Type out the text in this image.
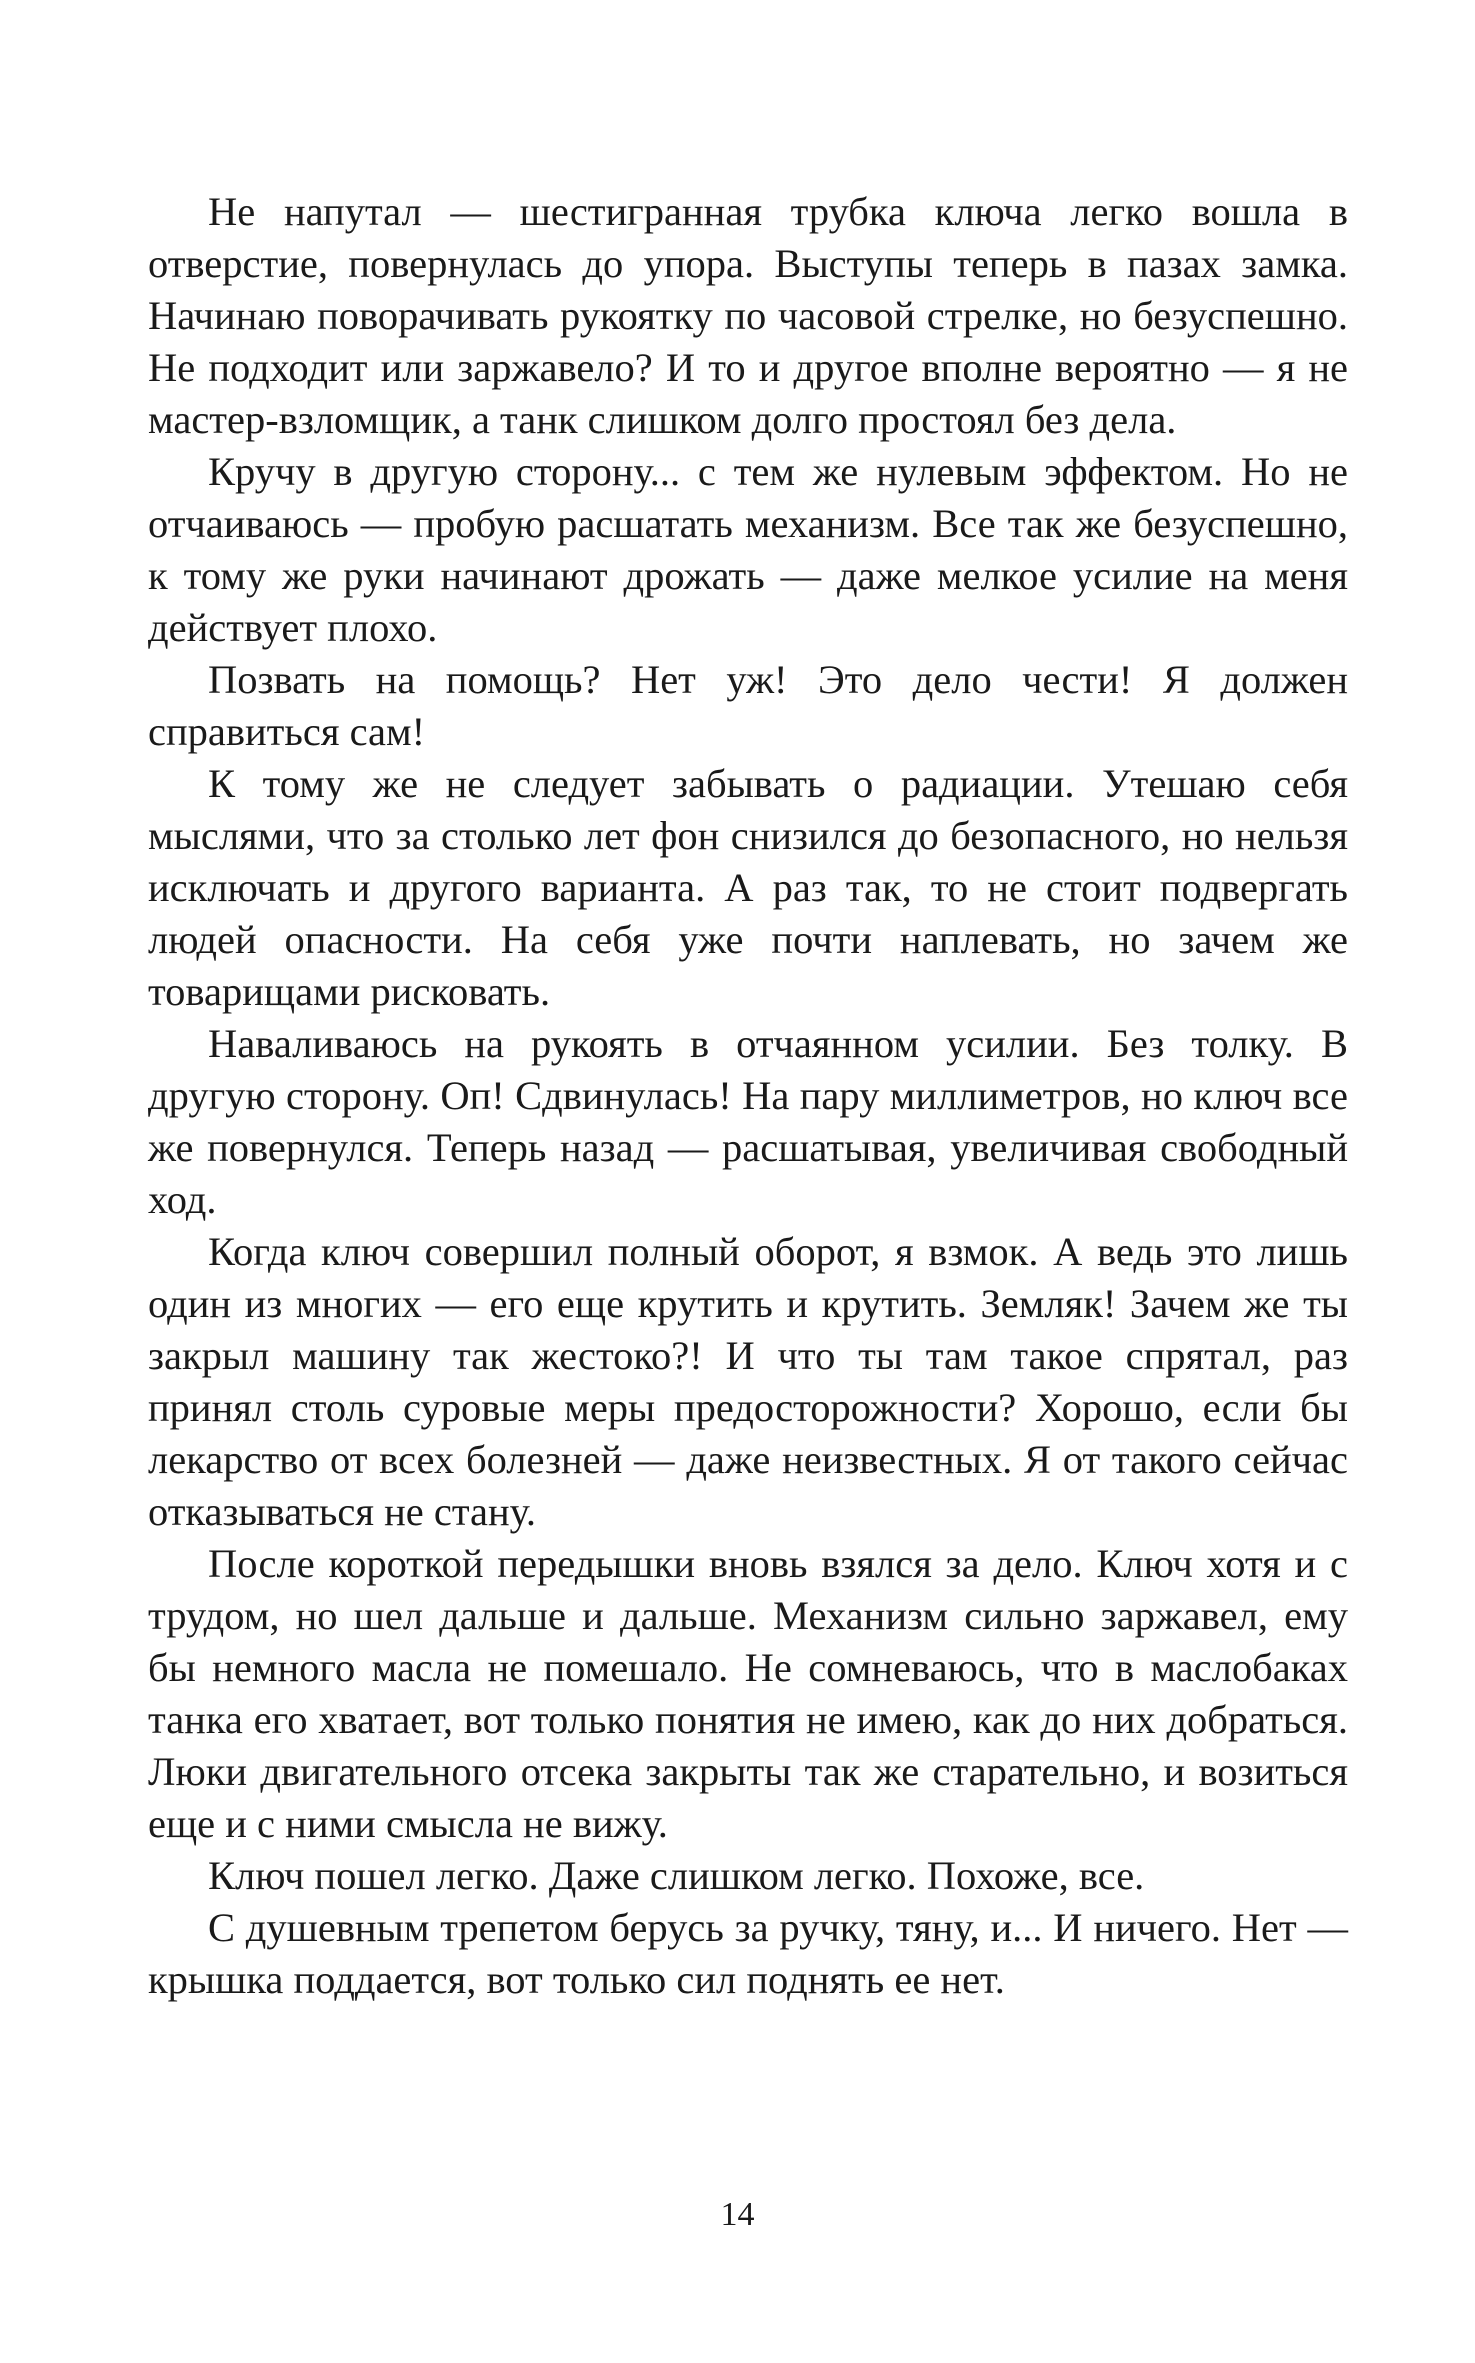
Не напутал — шестигранная трубка ключа легко вошла в отверстие, повернулась до упора. Выступы теперь в пазах замка. Начинаю поворачивать рукоятку по часовой стрелке, но безуспешно. Не подходит или заржавело? И то и другое вполне вероятно — я не мастер-взломщик, а танк слишком долго простоял без дела.

Кручу в другую сторону... с тем же нулевым эффектом. Но не отчаиваюсь — пробую расшатать механизм. Все так же безуспешно, к тому же руки начинают дрожать — даже мелкое усилие на меня действует плохо.

Позвать на помощь? Нет уж! Это дело чести! Я должен справиться сам!

К тому же не следует забывать о радиации. Утешаю себя мыслями, что за столько лет фон снизился до безопасного, но нельзя исключать и другого варианта. А раз так, то не стоит подвергать людей опасности. На себя уже почти наплевать, но зачем же товарищами рисковать.

Наваливаюсь на рукоять в отчаянном усилии. Без толку. В другую сторону. Оп! Сдвинулась! На пару миллиметров, но ключ все же повернулся. Теперь назад — расшатывая, увеличивая свободный ход.

Когда ключ совершил полный оборот, я взмок. А ведь это лишь один из многих — его еще крутить и крутить. Земляк! Зачем же ты закрыл машину так жестоко?! И что ты там такое спрятал, раз принял столь суровые меры предосторожности? Хорошо, если бы лекарство от всех болезней — даже неизвестных. Я от такого сейчас отказываться не стану.

После короткой передышки вновь взялся за дело. Ключ хотя и с трудом, но шел дальше и дальше. Механизм сильно заржавел, ему бы немного масла не помешало. Не сомневаюсь, что в маслобаках танка его хватает, вот только понятия не имею, как до них добраться. Люки двигательного отсека закрыты так же старательно, и возиться еще и с ними смысла не вижу.

Ключ пошел легко. Даже слишком легко. Похоже, все.

С душевным трепетом берусь за ручку, тяну, и... И ничего. Нет — крышка поддается, вот только сил поднять ее нет.

14
